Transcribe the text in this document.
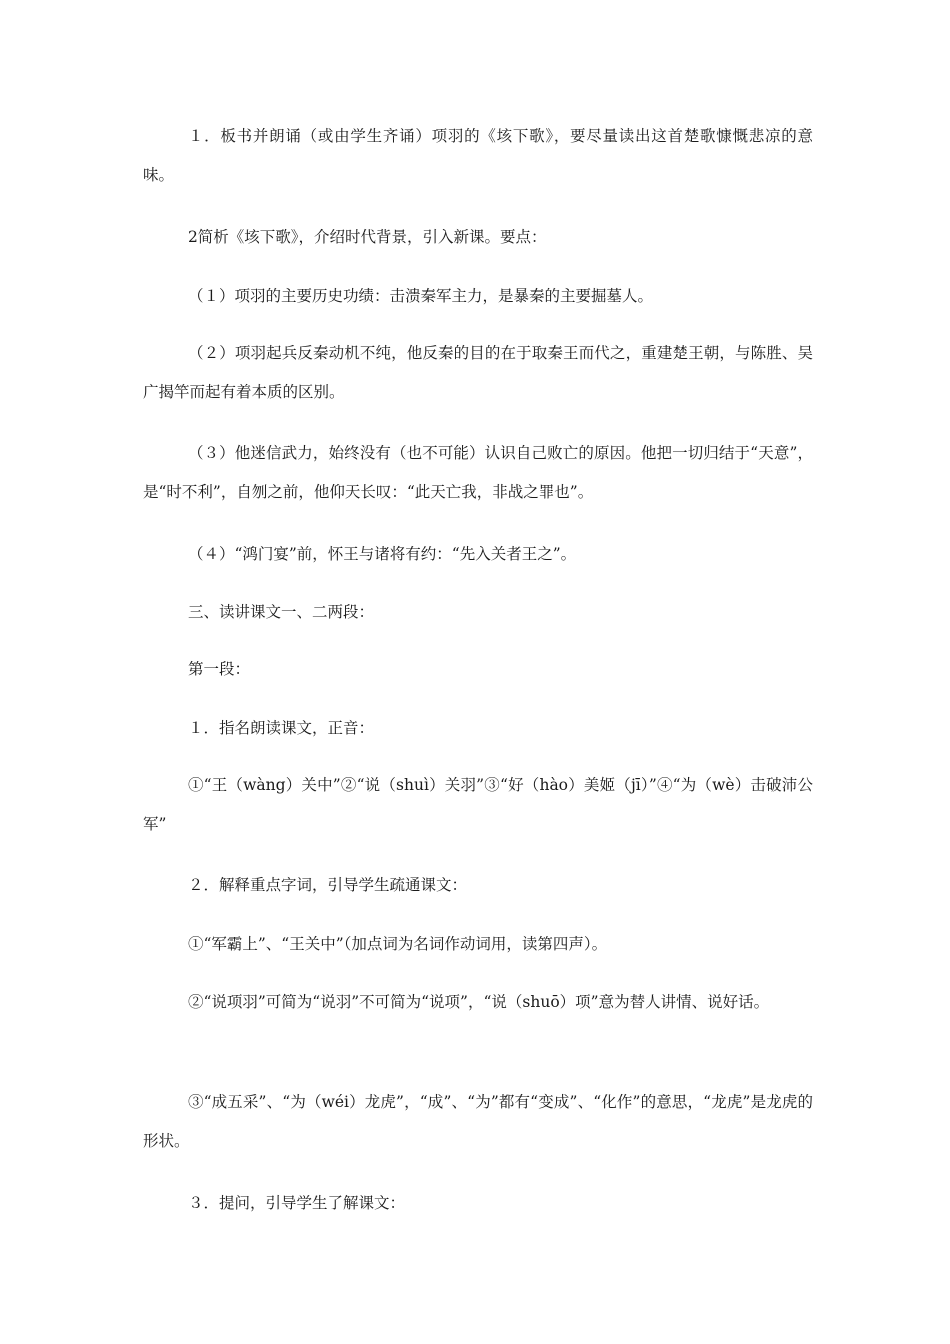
１．板书并朗诵（或由学生齐诵）项羽的《垓下歌》，要尽量读出这首楚歌慷慨悲凉的意味。

2简析《垓下歌》，介绍时代背景，引入新课。要点：

（１）项羽的主要历史功绩：击溃秦军主力，是暴秦的主要掘墓人。

（２）项羽起兵反秦动机不纯，他反秦的目的在于取秦王而代之，重建楚王朝，与陈胜、吴广揭竿而起有着本质的区别。

（３）他迷信武力，始终没有（也不可能）认识自己败亡的原因。他把一切归结于“天意”，是“时不利”，自刎之前，他仰天长叹：“此天亡我，非战之罪也”。

（４）“鸿门宴”前，怀王与诸将有约：“先入关者王之”。

三、读讲课文一、二两段：

第一段：

１．指名朗读课文，正音：

①“王（wàng）关中”②“说（shuì）关羽”③“好（hào）美姬（jī）”④“为（wè）击破沛公军”

２．解释重点字词，引导学生疏通课文：

①“军霸上”、“王关中”（加点词为名词作动词用，读第四声）。

②“说项羽”可简为“说羽”不可简为“说项”，“说（shuō）项”意为替人讲情、说好话。

③“成五采”、“为（wéi）龙虎”，“成”、“为”都有“变成”、“化作”的意思，“龙虎”是龙虎的形状。

３．提问，引导学生了解课文：
